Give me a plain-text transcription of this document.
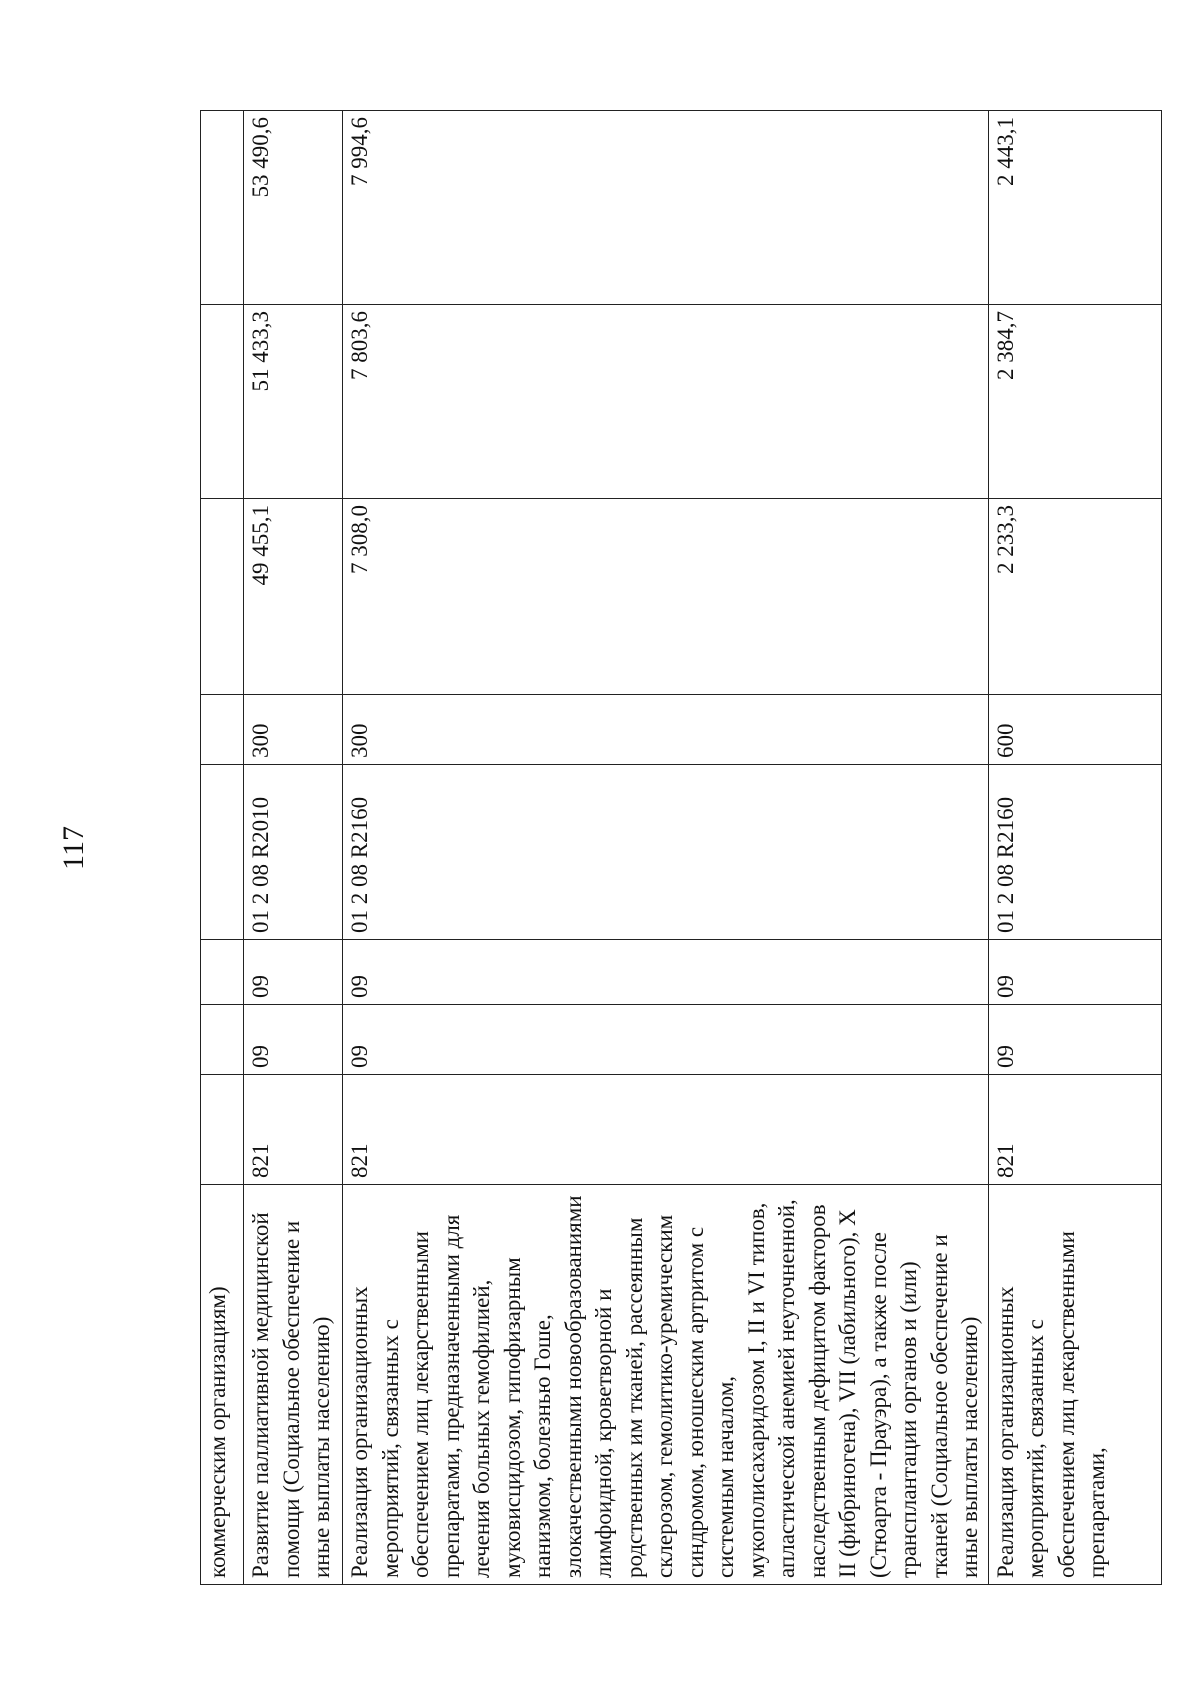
117
коммерческим организациям)								
Развитие паллиативной медицинской помощи (Социальное обеспечение и иные выплаты населению)	821	09	09	01 2 08 R2010	300	49 455,1	51 433,3	53 490,6
Реализация организационных мероприятий, связанных с обеспечением лиц лекарственными препаратами, предназначенными для лечения больных гемофилией, муковисцидозом, гипофизарным нанизмом, болезнью Гоше, злокачественными новообразованиями лимфоидной, кроветворной и родственных им тканей, рассеянным склерозом, гемолитико-уремическим синдромом, юношеским артритом с системным началом, мукополисахаридозом I, II и VI типов, апластической анемией неуточненной, наследственным дефицитом факторов II (фибриногена), VII (лабильного), X (Стюарта - Прауэра), а также после трансплантации органов и (или) тканей (Социальное обеспечение и иные выплаты населению)	821	09	09	01 2 08 R2160	300	7 308,0	7 803,6	7 994,6
Реализация организационных мероприятий, связанных с обеспечением лиц лекарственными препаратами,	821	09	09	01 2 08 R2160	600	2 233,3	2 384,7	2 443,1
